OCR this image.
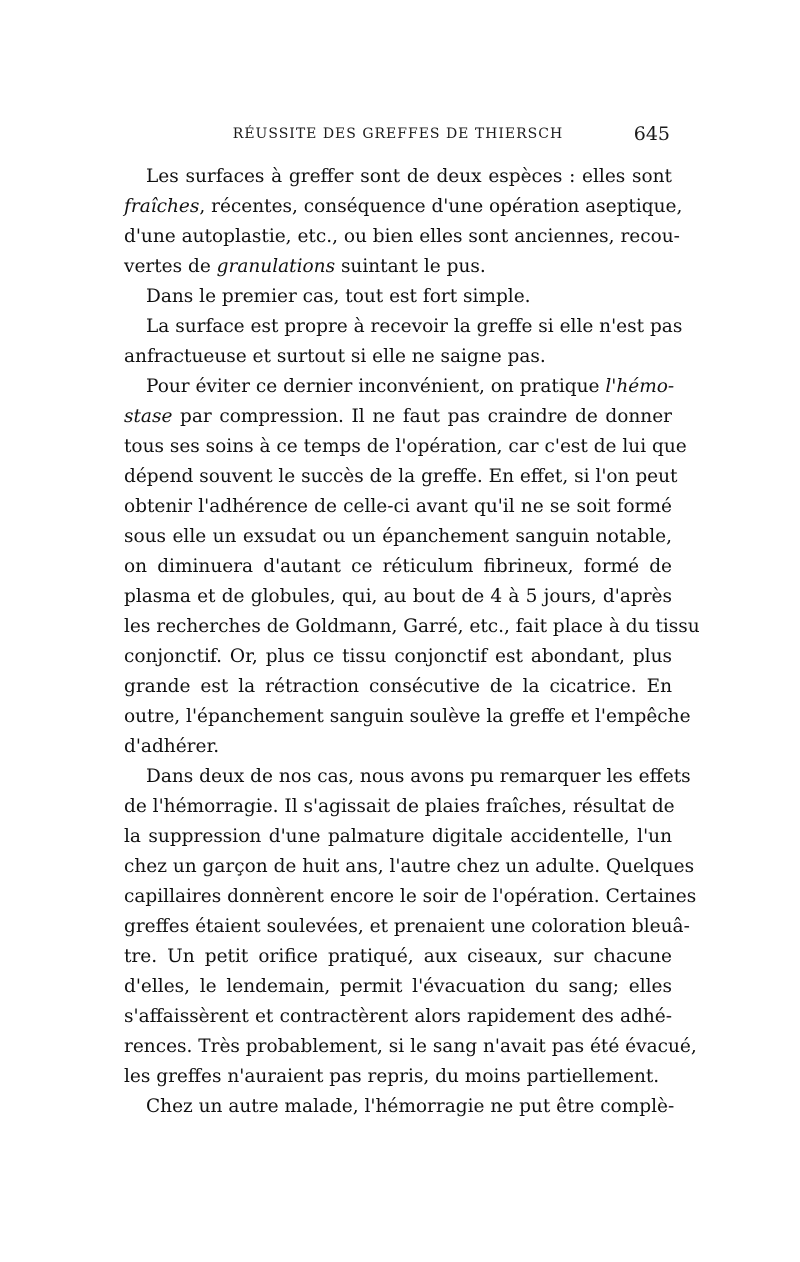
RÉUSSITE DES GREFFES DE THIERSCH	645
Les surfaces à greffer sont de deux espèces : elles sont
fraîches, récentes, conséquence d'une opération aseptique,
d'une autoplastie, etc., ou bien elles sont anciennes, recou-
vertes de granulations suintant le pus.
Dans le premier cas, tout est fort simple.
La surface est propre à recevoir la greffe si elle n'est pas
anfractueuse et surtout si elle ne saigne pas.
Pour éviter ce dernier inconvénient, on pratique l'hémo-
stase par compression. Il ne faut pas craindre de donner
tous ses soins à ce temps de l'opération, car c'est de lui que
dépend souvent le succès de la greffe. En effet, si l'on peut
obtenir l'adhérence de celle-ci avant qu'il ne se soit formé
sous elle un exsudat ou un épanchement sanguin notable,
on diminuera d'autant ce réticulum fibrineux, formé de
plasma et de globules, qui, au bout de 4 à 5 jours, d'après
les recherches de Goldmann, Garré, etc., fait place à du tissu
conjonctif. Or, plus ce tissu conjonctif est abondant, plus
grande est la rétraction consécutive de la cicatrice. En
outre, l'épanchement sanguin soulève la greffe et l'empêche
d'adhérer.
Dans deux de nos cas, nous avons pu remarquer les effets
de l'hémorragie. Il s'agissait de plaies fraîches, résultat de
la suppression d'une palmature digitale accidentelle, l'un
chez un garçon de huit ans, l'autre chez un adulte. Quelques
capillaires donnèrent encore le soir de l'opération. Certaines
greffes étaient soulevées, et prenaient une coloration bleuâ-
tre. Un petit orifice pratiqué, aux ciseaux, sur chacune
d'elles, le lendemain, permit l'évacuation du sang; elles
s'affaissèrent et contractèrent alors rapidement des adhé-
rences. Très probablement, si le sang n'avait pas été évacué,
les greffes n'auraient pas repris, du moins partiellement.
Chez un autre malade, l'hémorragie ne put être complè-
